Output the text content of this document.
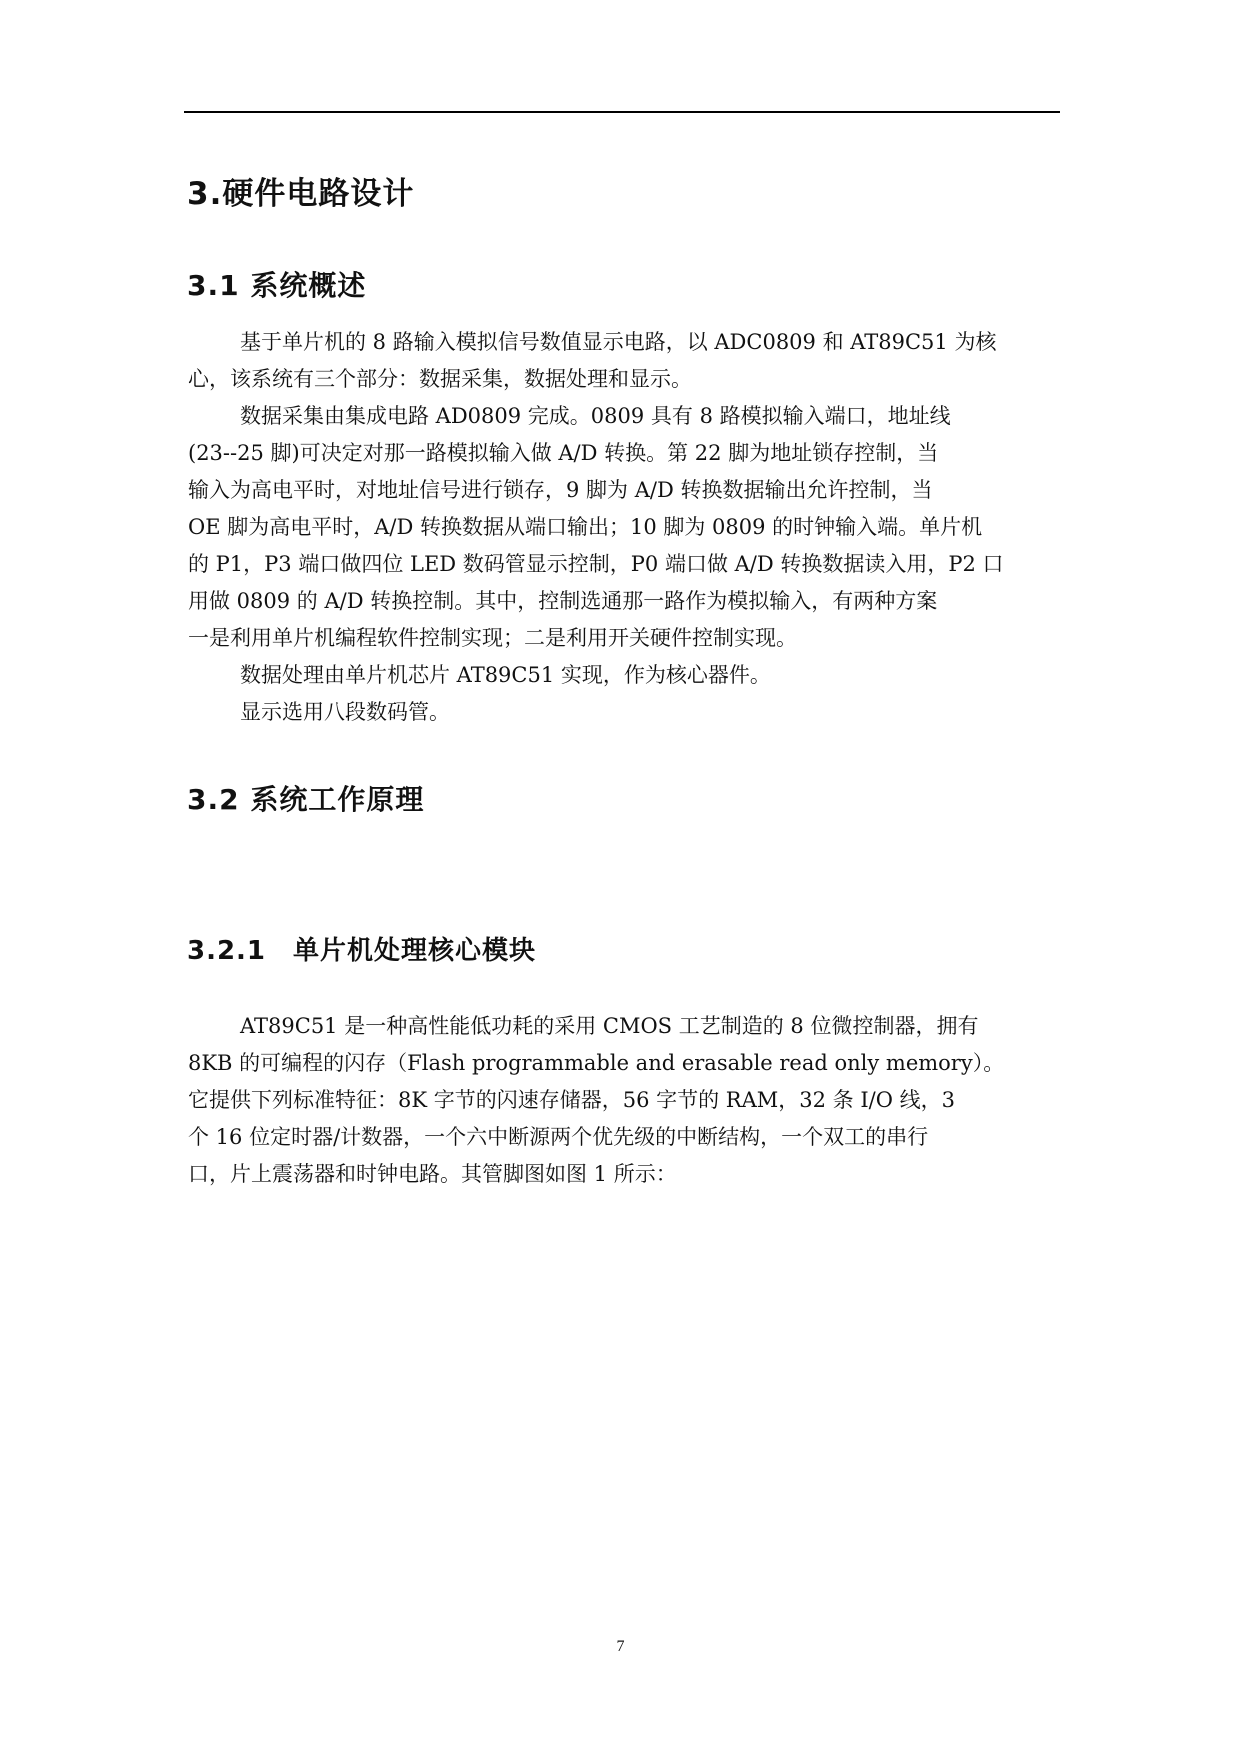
3.硬件电路设计
3.1 系统概述
基于单片机的 8 路输入模拟信号数值显示电路，以 ADC0809 和 AT89C51 为核
心，该系统有三个部分：数据采集，数据处理和显示。
数据采集由集成电路 AD0809 完成。0809 具有 8 路模拟输入端口，地址线
(23--25 脚)可决定对那一路模拟输入做 A/D 转换。第 22 脚为地址锁存控制，当
输入为高电平时，对地址信号进行锁存，9 脚为 A/D 转换数据输出允许控制，当
OE 脚为高电平时，A/D 转换数据从端口输出；10 脚为 0809 的时钟输入端。单片机
的 P1，P3 端口做四位 LED 数码管显示控制，P0 端口做 A/D 转换数据读入用，P2 口
用做 0809 的 A/D 转换控制。其中，控制选通那一路作为模拟输入，有两种方案
一是利用单片机编程软件控制实现；二是利用开关硬件控制实现。
数据处理由单片机芯片 AT89C51 实现，作为核心器件。
显示选用八段数码管。
3.2 系统工作原理
3.2.1　单片机处理核心模块
AT89C51 是一种高性能低功耗的采用 CMOS 工艺制造的 8 位微控制器，拥有
8KB 的可编程的闪存（Flash programmable and erasable read only memory）。
它提供下列标准特征：8K 字节的闪速存储器，56 字节的 RAM，32 条 I/O 线，3
个 16 位定时器/计数器，一个六中断源两个优先级的中断结构，一个双工的串行
口，片上震荡器和时钟电路。其管脚图如图 1 所示：
7
